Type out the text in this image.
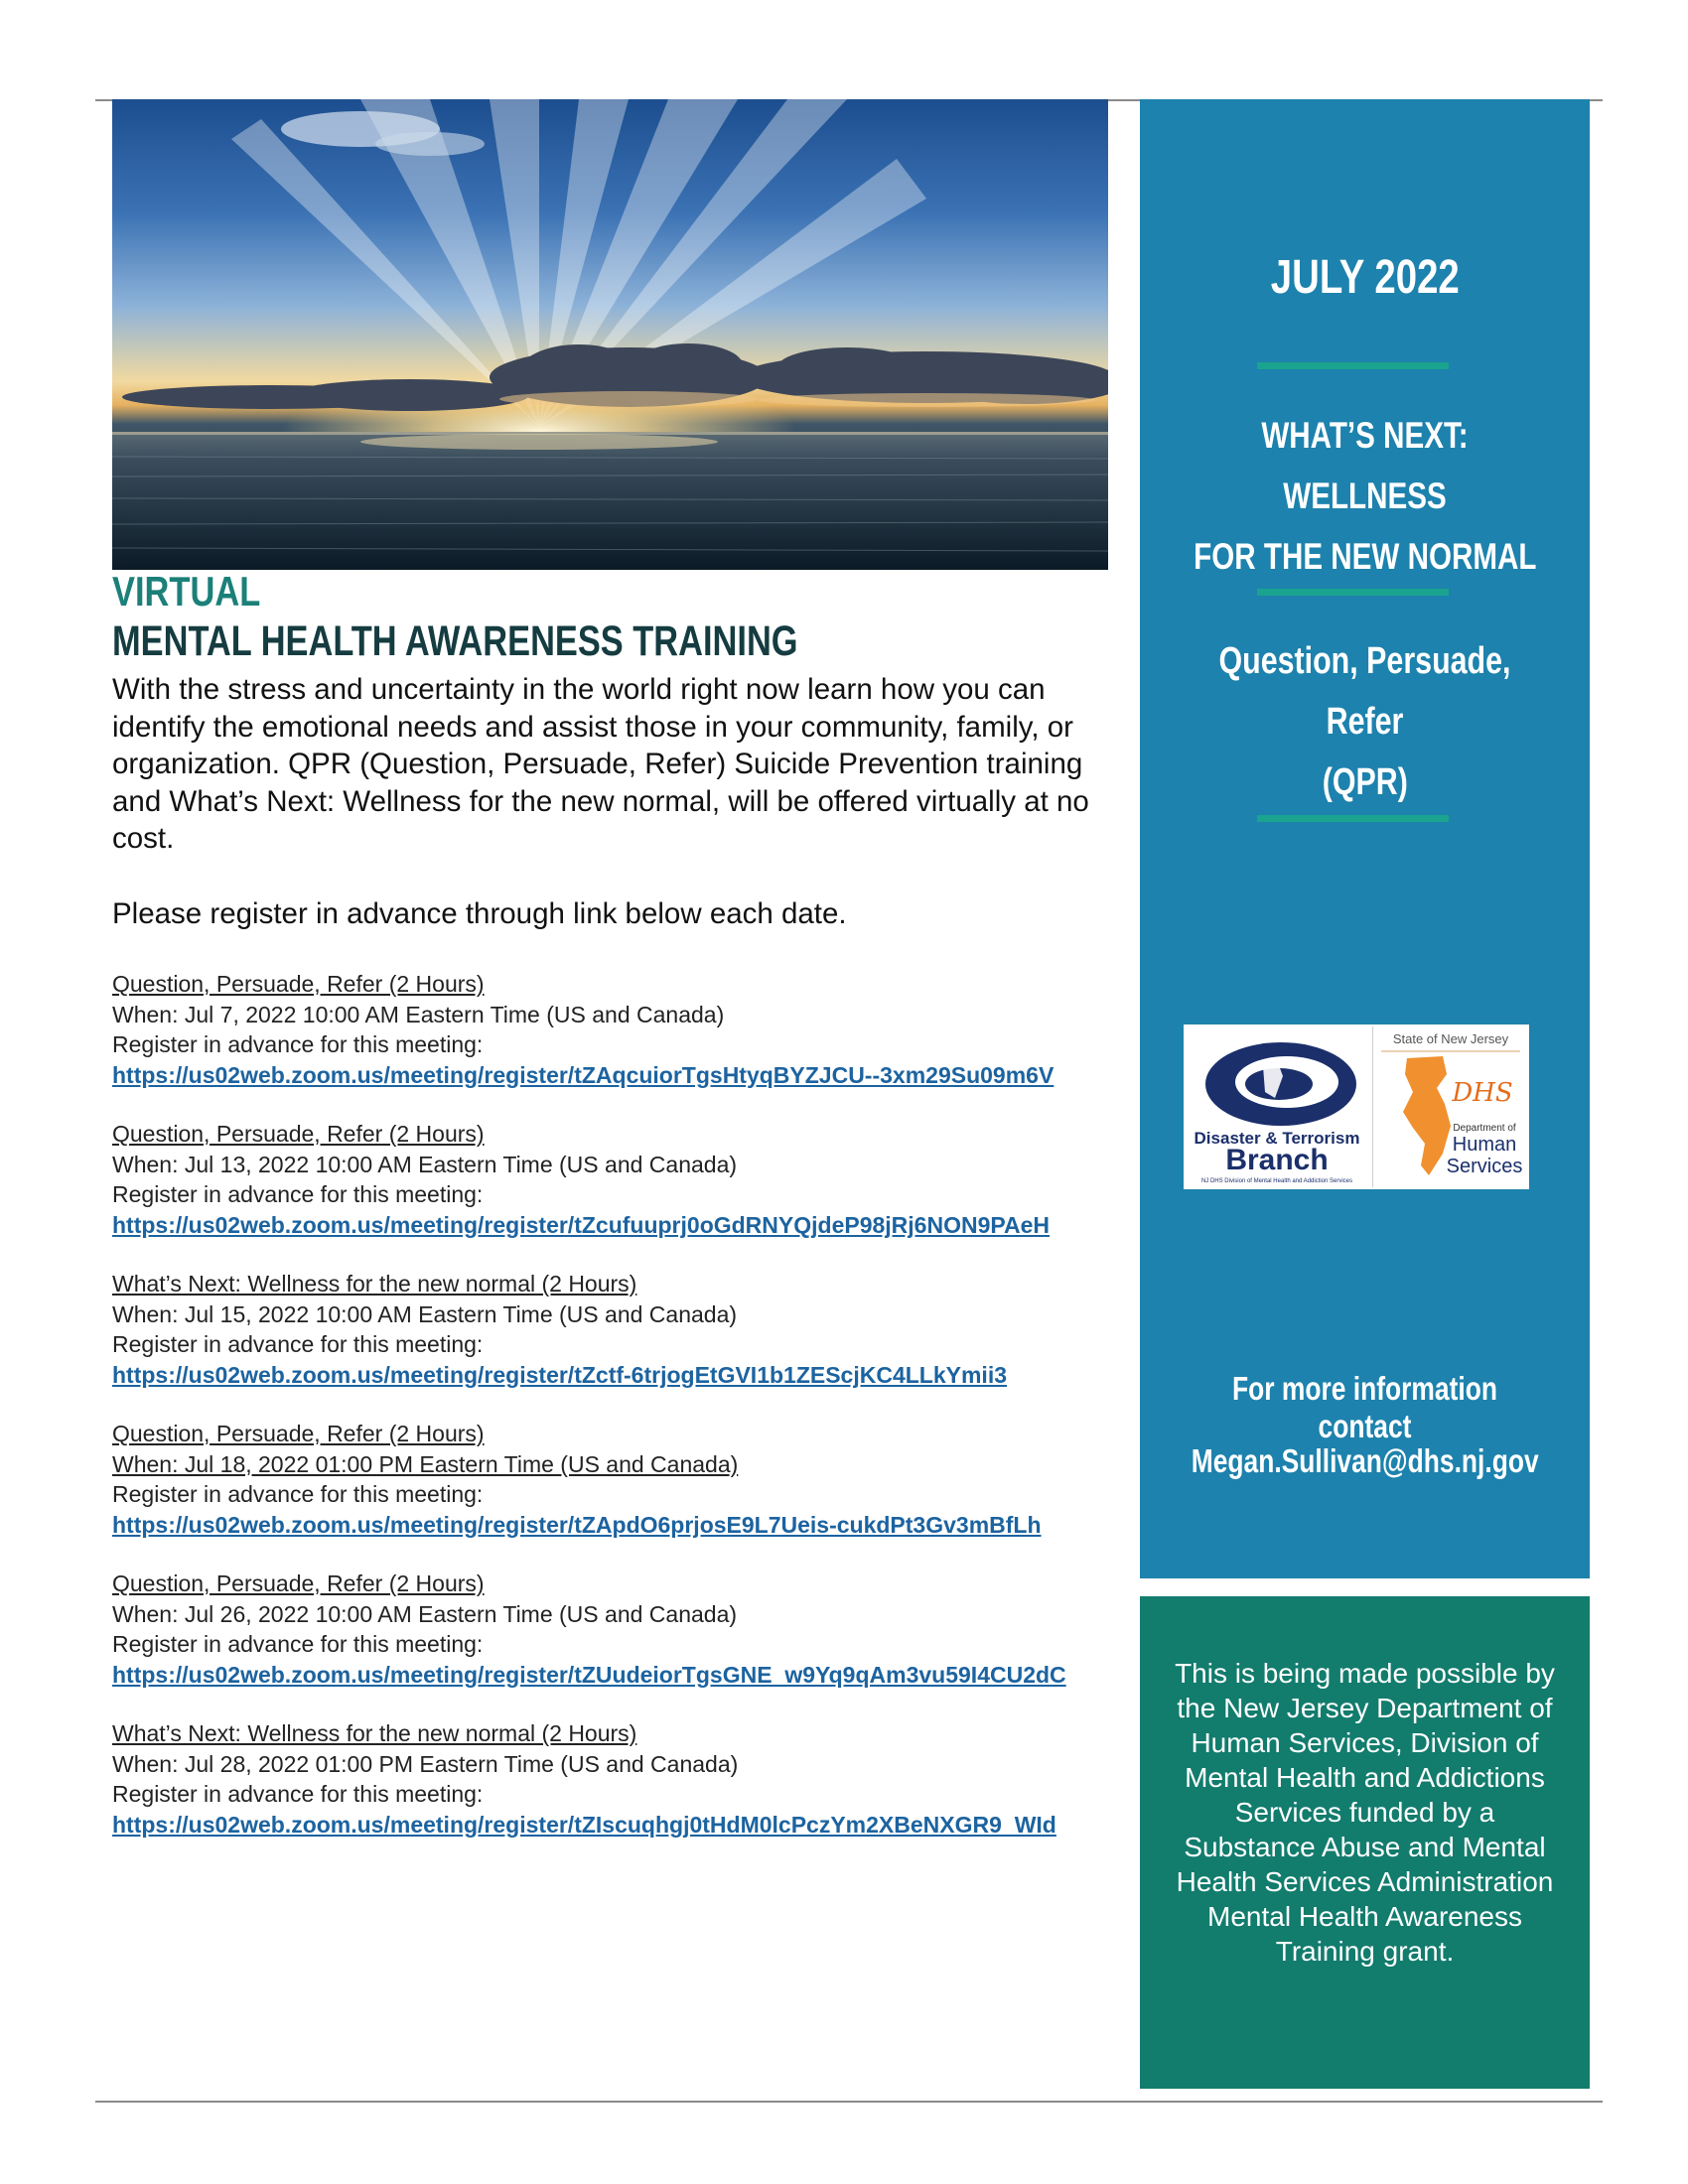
VIRTUAL
MENTAL HEALTH AWARENESS TRAINING

With the stress and uncertainty in the world right now learn how you can identify the emotional needs and assist those in your community, family, or organization. QPR (Question, Persuade, Refer) Suicide Prevention training and What’s Next: Wellness for the new normal, will be offered virtually at no cost.

Please register in advance through link below each date.

Question, Persuade, Refer (2 Hours)
When: Jul 7, 2022 10:00 AM Eastern Time (US and Canada)
Register in advance for this meeting:
https://us02web.zoom.us/meeting/register/tZAqcuiorTgsHtyqBYZJCU--3xm29Su09m6V
Question, Persuade, Refer (2 Hours)
When: Jul 13, 2022 10:00 AM Eastern Time (US and Canada)
Register in advance for this meeting:
https://us02web.zoom.us/meeting/register/tZcufuuprj0oGdRNYQjdeP98jRj6NON9PAeH
What’s Next: Wellness for the new normal (2 Hours)
When: Jul 15, 2022 10:00 AM Eastern Time (US and Canada)
Register in advance for this meeting:
https://us02web.zoom.us/meeting/register/tZctf-6trjogEtGVI1b1ZEScjKC4LLkYmii3
Question, Persuade, Refer (2 Hours)
When: Jul 18, 2022 01:00 PM Eastern Time (US and Canada)
Register in advance for this meeting:
https://us02web.zoom.us/meeting/register/tZApdO6prjosE9L7Ueis-cukdPt3Gv3mBfLh
Question, Persuade, Refer (2 Hours)
When: Jul 26, 2022 10:00 AM Eastern Time (US and Canada)
Register in advance for this meeting:
https://us02web.zoom.us/meeting/register/tZUudeiorTgsGNE_w9Yq9qAm3vu59I4CU2dC
What’s Next: Wellness for the new normal (2 Hours)
When: Jul 28, 2022 01:00 PM Eastern Time (US and Canada)
Register in advance for this meeting:
https://us02web.zoom.us/meeting/register/tZIscuqhgj0tHdM0lcPczYm2XBeNXGR9_WId
JULY 2022
WHAT’S NEXT: WELLNESS
FOR THE NEW NORMAL
Question, Persuade, Refer
(QPR)
Disaster & Terrorism
Branch
NJ DHS Division of Mental Health and Addiction Services
State of New Jersey
DHS
Department of
Human
Services
For more information contact
Megan.Sullivan@dhs.nj.gov

This is being made possible by the New Jersey Department of Human Services, Division of Mental Health and Addictions Services funded by a Substance Abuse and Mental Health Services Administration Mental Health Awareness Training grant.
